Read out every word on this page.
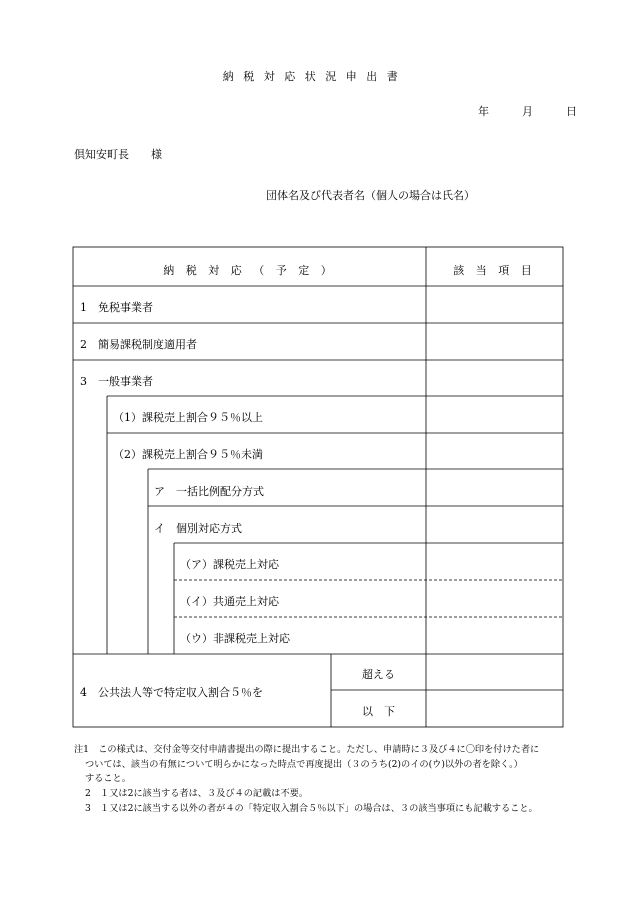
納税対応状況申出書
年	月	日
倶知安町長　　様
団体名及び代表者名（個人の場合は氏名）
納 税 対 応 （ 予 定 ）	該 当 項 目
1　免税事業者
2　簡易課税制度適用者
3　一般事業者
（1）課税売上割合９５％以上
（2）課税売上割合９５％未満
ア　一括比例配分方式
イ　個別対応方式
（ア）課税売上対応
（イ）共通売上対応
（ウ）非課税売上対応
4　公共法人等で特定収入割合５％を
超える
以　下
注1　この様式は、交付金等交付申請書提出の際に提出すること。ただし、申請時に３及び４に〇印を付けた者に
ついては、該当の有無について明らかになった時点で再度提出（３のうち(2)のイの(ウ)以外の者を除く。）
すること。
2　１又は2に該当する者は、３及び４の記載は不要。
3　１又は2に該当する以外の者が４の「特定収入割合５％以下」の場合は、３の該当事項にも記載すること。
